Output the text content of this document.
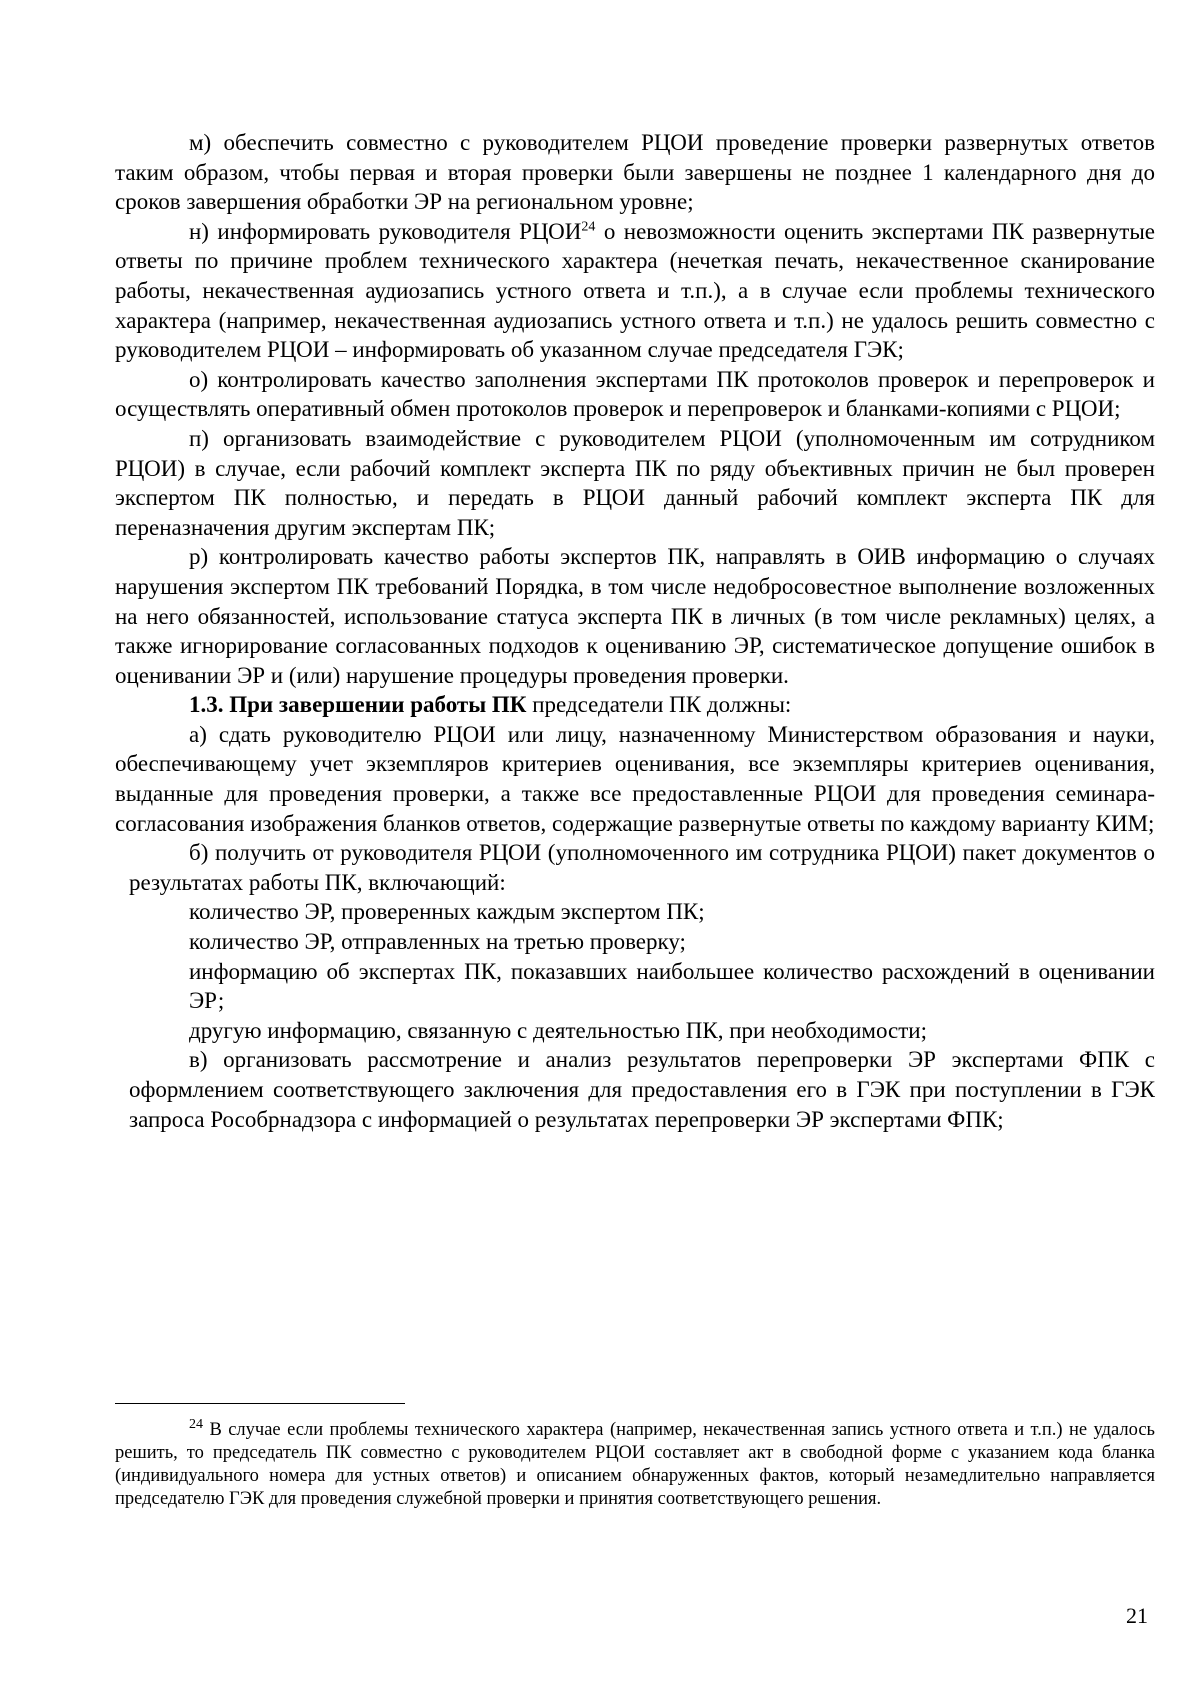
м) обеспечить совместно с руководителем РЦОИ проведение проверки развернутых ответов таким образом, чтобы первая и вторая проверки были завершены не позднее 1 календарного дня до сроков завершения обработки ЭР на региональном уровне;

н) информировать руководителя РЦОИ$^{24}$ о невозможности оценить экспертами ПК развернутые ответы по причине проблем технического характера (нечеткая печать, некачественное сканирование работы, некачественная аудиозапись устного ответа и т.п.), а в случае если проблемы технического характера (например, некачественная аудиозапись устного ответа и т.п.) не удалось решить совместно с руководителем РЦОИ – информировать об указанном случае председателя ГЭК;

о) контролировать качество заполнения экспертами ПК протоколов проверок и перепроверок и осуществлять оперативный обмен протоколов проверок и перепроверок и бланками-копиями с РЦОИ;

п) организовать взаимодействие с руководителем РЦОИ (уполномоченным им сотрудником РЦОИ) в случае, если рабочий комплект эксперта ПК по ряду объективных причин не был проверен экспертом ПК полностью, и передать в РЦОИ данный рабочий комплект эксперта ПК для переназначения другим экспертам ПК;

р) контролировать качество работы экспертов ПК, направлять в ОИВ информацию о случаях нарушения экспертом ПК требований Порядка, в том числе недобросовестное выполнение возложенных на него обязанностей, использование статуса эксперта ПК в личных (в том числе рекламных) целях, а также игнорирование согласованных подходов к оцениванию ЭР, систематическое допущение ошибок в оценивании ЭР и (или) нарушение процедуры проведения проверки.

1.3. При завершении работы ПК председатели ПК должны:

а) сдать руководителю РЦОИ или лицу, назначенному Министерством образования и науки, обеспечивающему учет экземпляров критериев оценивания, все экземпляры критериев оценивания, выданные для проведения проверки, а также все предоставленные РЦОИ для проведения семинара- согласования изображения бланков ответов, содержащие развернутые ответы по каждому варианту КИМ;

б) получить от руководителя РЦОИ (уполномоченного им сотрудника РЦОИ) пакет документов о результатах работы ПК, включающий:

количество ЭР, проверенных каждым экспертом ПК;

количество ЭР, отправленных на третью проверку;

информацию об экспертах ПК, показавших наибольшее количество расхождений в оценивании ЭР;

другую информацию, связанную с деятельностью ПК, при необходимости;

в) организовать рассмотрение и анализ результатов перепроверки ЭР экспертами ФПК с оформлением соответствующего заключения для предоставления его в ГЭК при поступлении в ГЭК запроса Рособрнадзора с информацией о результатах перепроверки ЭР экспертами ФПК;

$^{24}$ В случае если проблемы технического характера (например, некачественная запись устного ответа и т.п.) не удалось решить, то председатель ПК совместно с руководителем РЦОИ составляет акт в свободной форме с указанием кода бланка (индивидуального номера для устных ответов) и описанием обнаруженных фактов, который незамедлительно направляется председателю ГЭК для проведения служебной проверки и принятия соответствующего решения.

21
